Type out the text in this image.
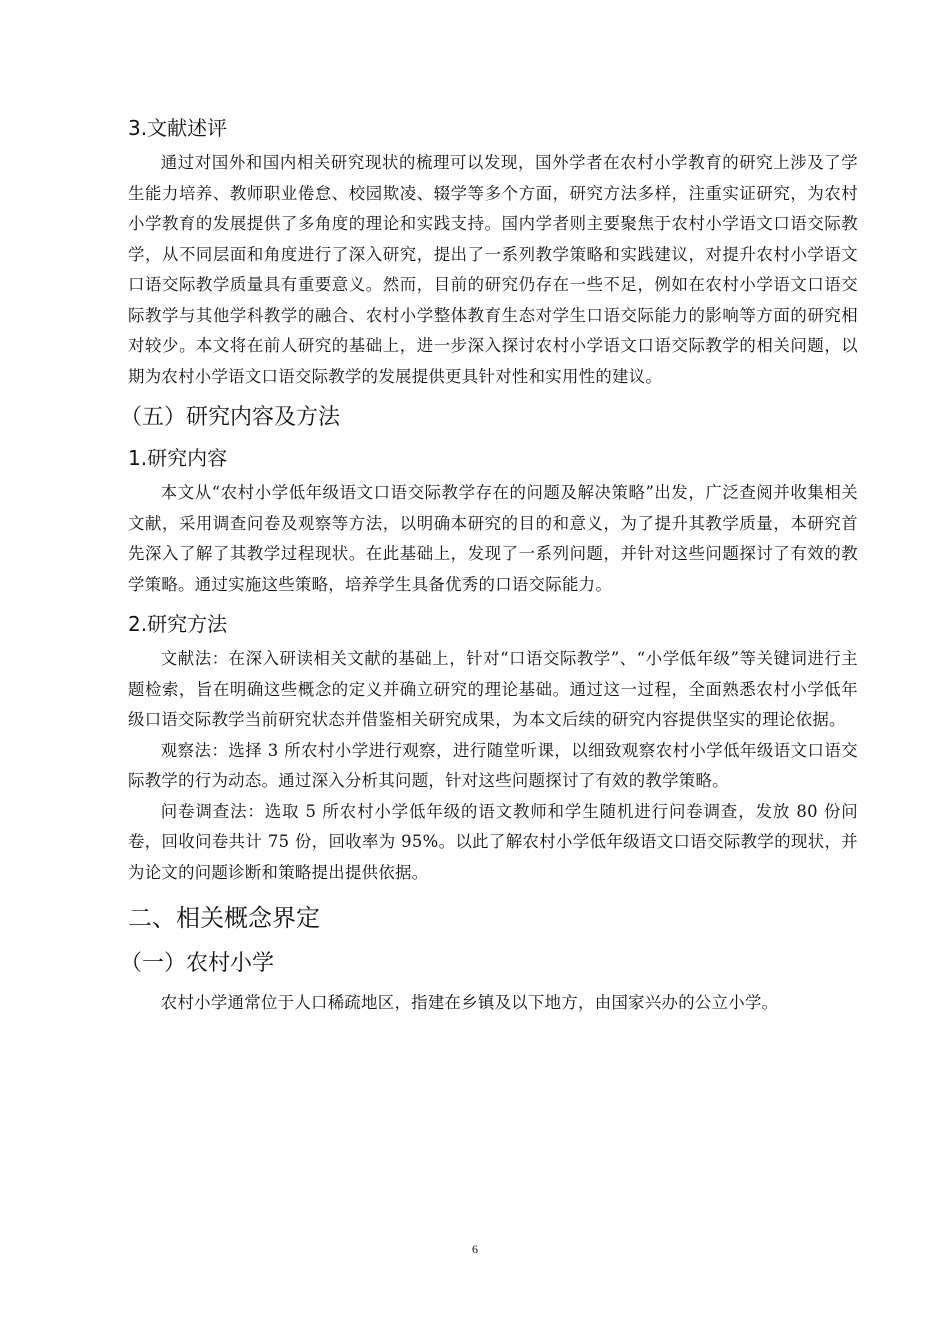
3.文献述评

通过对国外和国内相关研究现状的梳理可以发现，国外学者在农村小学教育的研究上涉及了学生能力培养、教师职业倦怠、校园欺凌、辍学等多个方面，研究方法多样，注重实证研究，为农村小学教育的发展提供了多角度的理论和实践支持。国内学者则主要聚焦于农村小学语文口语交际教学，从不同层面和角度进行了深入研究，提出了一系列教学策略和实践建议，对提升农村小学语文口语交际教学质量具有重要意义。然而，目前的研究仍存在一些不足，例如在农村小学语文口语交际教学与其他学科教学的融合、农村小学整体教育生态对学生口语交际能力的影响等方面的研究相对较少。本文将在前人研究的基础上，进一步深入探讨农村小学语文口语交际教学的相关问题，以期为农村小学语文口语交际教学的发展提供更具针对性和实用性的建议。

（五）研究内容及方法
1.研究内容

本文从“农村小学低年级语文口语交际教学存在的问题及解决策略”出发，广泛查阅并收集相关文献，采用调查问卷及观察等方法，以明确本研究的目的和意义，为了提升其教学质量，本研究首先深入了解了其教学过程现状。在此基础上，发现了一系列问题，并针对这些问题探讨了有效的教学策略。通过实施这些策略，培养学生具备优秀的口语交际能力。

2.研究方法

文献法：在深入研读相关文献的基础上，针对“口语交际教学”、“小学低年级”等关键词进行主题检索，旨在明确这些概念的定义并确立研究的理论基础。通过这一过程，全面熟悉农村小学低年级口语交际教学当前研究状态并借鉴相关研究成果，为本文后续的研究内容提供坚实的理论依据。

观察法：选择 3 所农村小学进行观察，进行随堂听课，以细致观察农村小学低年级语文口语交际教学的行为动态。通过深入分析其问题，针对这些问题探讨了有效的教学策略。

问卷调查法：选取 5 所农村小学低年级的语文教师和学生随机进行问卷调查，发放 80 份问卷，回收问卷共计 75 份，回收率为 95%。以此了解农村小学低年级语文口语交际教学的现状，并为论文的问题诊断和策略提出提供依据。

二、相关概念界定
（一）农村小学

农村小学通常位于人口稀疏地区，指建在乡镇及以下地方，由国家兴办的公立小学。

6
